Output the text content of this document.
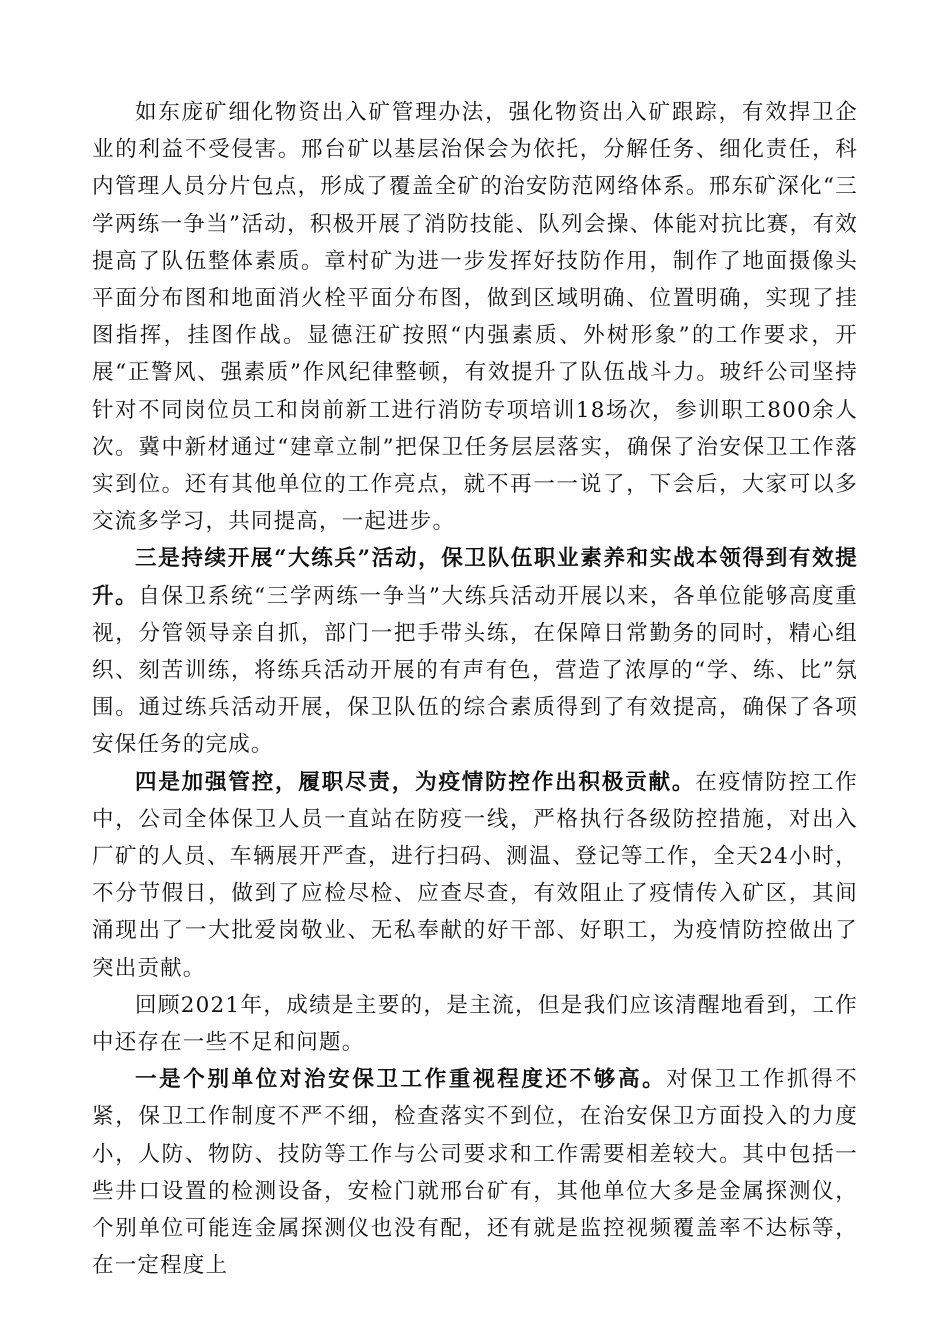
如东庞矿细化物资出入矿管理办法，强化物资出入矿跟踪，有效捍卫企业的利益不受侵害。邢台矿以基层治保会为依托，分解任务、细化责任，科内管理人员分片包点，形成了覆盖全矿的治安防范网络体系。邢东矿深化“三学两练一争当”活动，积极开展了消防技能、队列会操、体能对抗比赛，有效提高了队伍整体素质。章村矿为进一步发挥好技防作用，制作了地面摄像头平面分布图和地面消火栓平面分布图，做到区域明确、位置明确，实现了挂图指挥，挂图作战。显德汪矿按照“内强素质、外树形象”的工作要求，开展“正警风、强素质”作风纪律整顿，有效提升了队伍战斗力。玻纤公司坚持针对不同岗位员工和岗前新工进行消防专项培训18场次，参训职工800余人次。冀中新材通过“建章立制”把保卫任务层层落实，确保了治安保卫工作落实到位。还有其他单位的工作亮点，就不再一一说了，下会后，大家可以多交流多学习，共同提高，一起进步。

三是持续开展“大练兵”活动，保卫队伍职业素养和实战本领得到有效提升。自保卫系统“三学两练一争当”大练兵活动开展以来，各单位能够高度重视，分管领导亲自抓，部门一把手带头练，在保障日常勤务的同时，精心组织、刻苦训练，将练兵活动开展的有声有色，营造了浓厚的“学、练、比”氛围。通过练兵活动开展，保卫队伍的综合素质得到了有效提高，确保了各项安保任务的完成。

四是加强管控，履职尽责，为疫情防控作出积极贡献。在疫情防控工作中，公司全体保卫人员一直站在防疫一线，严格执行各级防控措施，对出入厂矿的人员、车辆展开严查，进行扫码、测温、登记等工作，全天24小时，不分节假日，做到了应检尽检、应查尽查，有效阻止了疫情传入矿区，其间涌现出了一大批爱岗敬业、无私奉献的好干部、好职工，为疫情防控做出了突出贡献。

回顾2021年，成绩是主要的，是主流，但是我们应该清醒地看到，工作中还存在一些不足和问题。

一是个别单位对治安保卫工作重视程度还不够高。对保卫工作抓得不紧，保卫工作制度不严不细，检查落实不到位，在治安保卫方面投入的力度小，人防、物防、技防等工作与公司要求和工作需要相差较大。其中包括一些井口设置的检测设备，安检门就邢台矿有，其他单位大多是金属探测仪，个别单位可能连金属探测仪也没有配，还有就是监控视频覆盖率不达标等，在一定程度上
